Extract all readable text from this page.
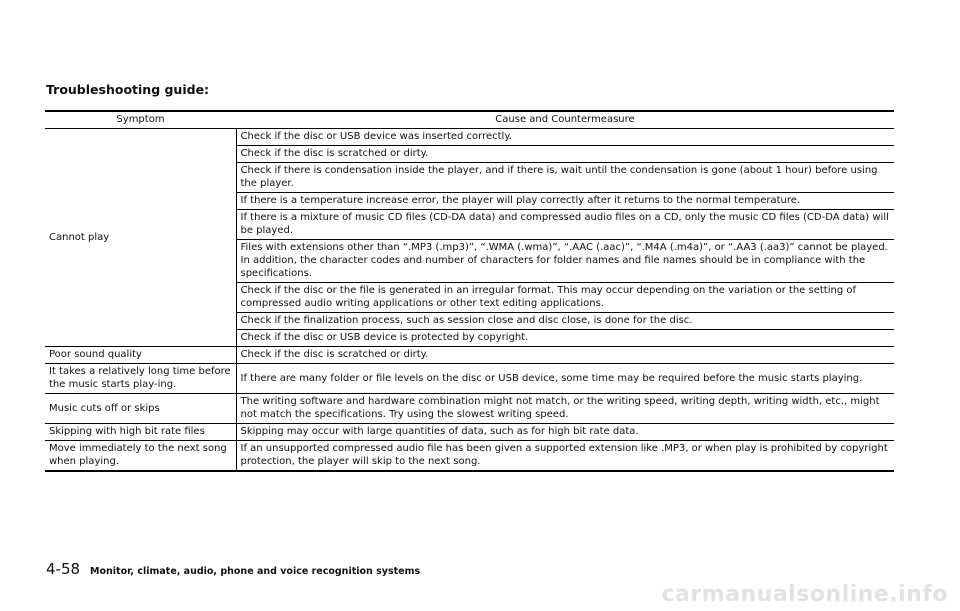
Troubleshooting guide:
Symptom	Cause and Countermeasure
Cannot play	Check if the disc or USB device was inserted correctly.
	Check if the disc is scratched or dirty.
	Check if there is condensation inside the player, and if there is, wait until the condensation is gone (about 1 hour) before using the player.
	If there is a temperature increase error, the player will play correctly after it returns to the normal temperature.
	If there is a mixture of music CD files (CD-DA data) and compressed audio files on a CD, only the music CD files (CD-DA data) will be played.
	Files with extensions other than “.MP3 (.mp3)”, “.WMA (.wma)”, “.AAC (.aac)”, “.M4A (.m4a)”, or “.AA3 (.aa3)” cannot be played. In addition, the character codes and number of characters for folder names and file names should be in compliance with the specifications.
	Check if the disc or the file is generated in an irregular format. This may occur depending on the variation or the setting of compressed audio writing applications or other text editing applications.
	Check if the finalization process, such as session close and disc close, is done for the disc.
	Check if the disc or USB device is protected by copyright.
Poor sound quality	Check if the disc is scratched or dirty.
It takes a relatively long time before the music starts play-ing.	If there are many folder or file levels on the disc or USB device, some time may be required before the music starts playing.
Music cuts off or skips	The writing software and hardware combination might not match, or the writing speed, writing depth, writing width, etc., might not match the specifications. Try using the slowest writing speed.
Skipping with high bit rate files	Skipping may occur with large quantities of data, such as for high bit rate data.
Move immediately to the next song when playing.	If an unsupported compressed audio file has been given a supported extension like .MP3, or when play is prohibited by copyright protection, the player will skip to the next song.
4-58 Monitor, climate, audio, phone and voice recognition systems
carmanualsonline.info
